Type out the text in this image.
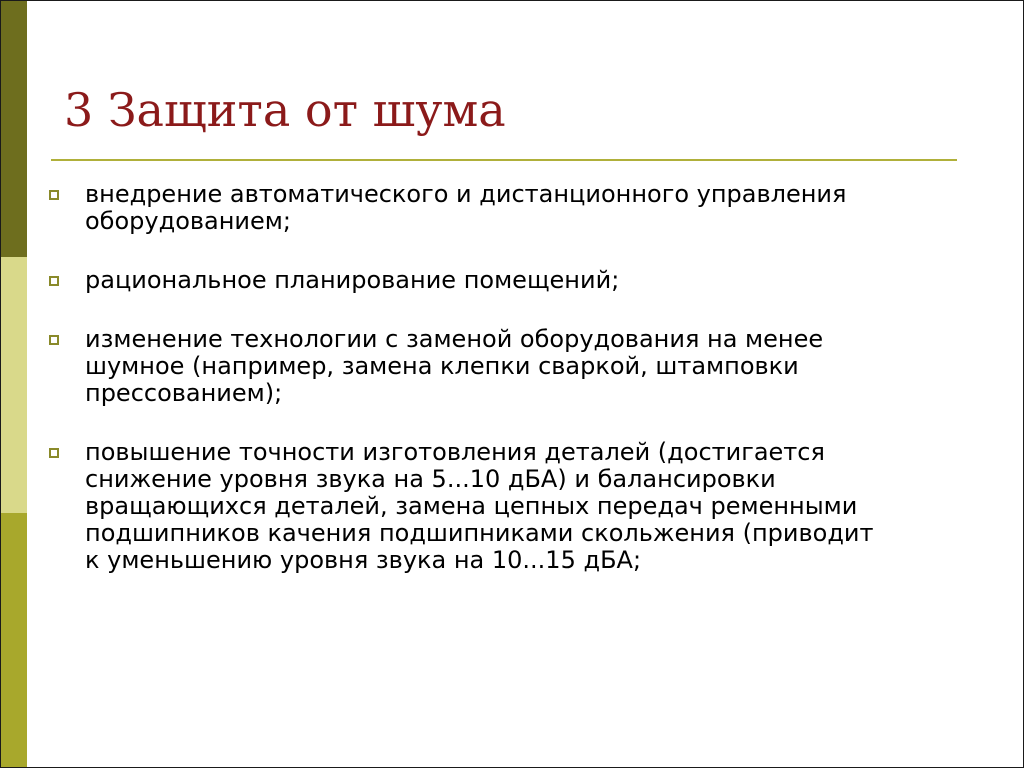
3 Защита от шума
внедрение автоматического и дистанционного управления
оборудованием;
рациональное планирование помещений;
изменение технологии с заменой оборудования на менее
шумное (например, замена клепки сваркой, штамповки
прессованием);
повышение точности изготовления деталей (достигается
снижение уровня звука на 5...10 дБА) и балансировки
вращающихся деталей, замена цепных передач ременными
подшипников качения подшипниками скольжения (приводит
к уменьшению уровня звука на 10...15 дБА;
